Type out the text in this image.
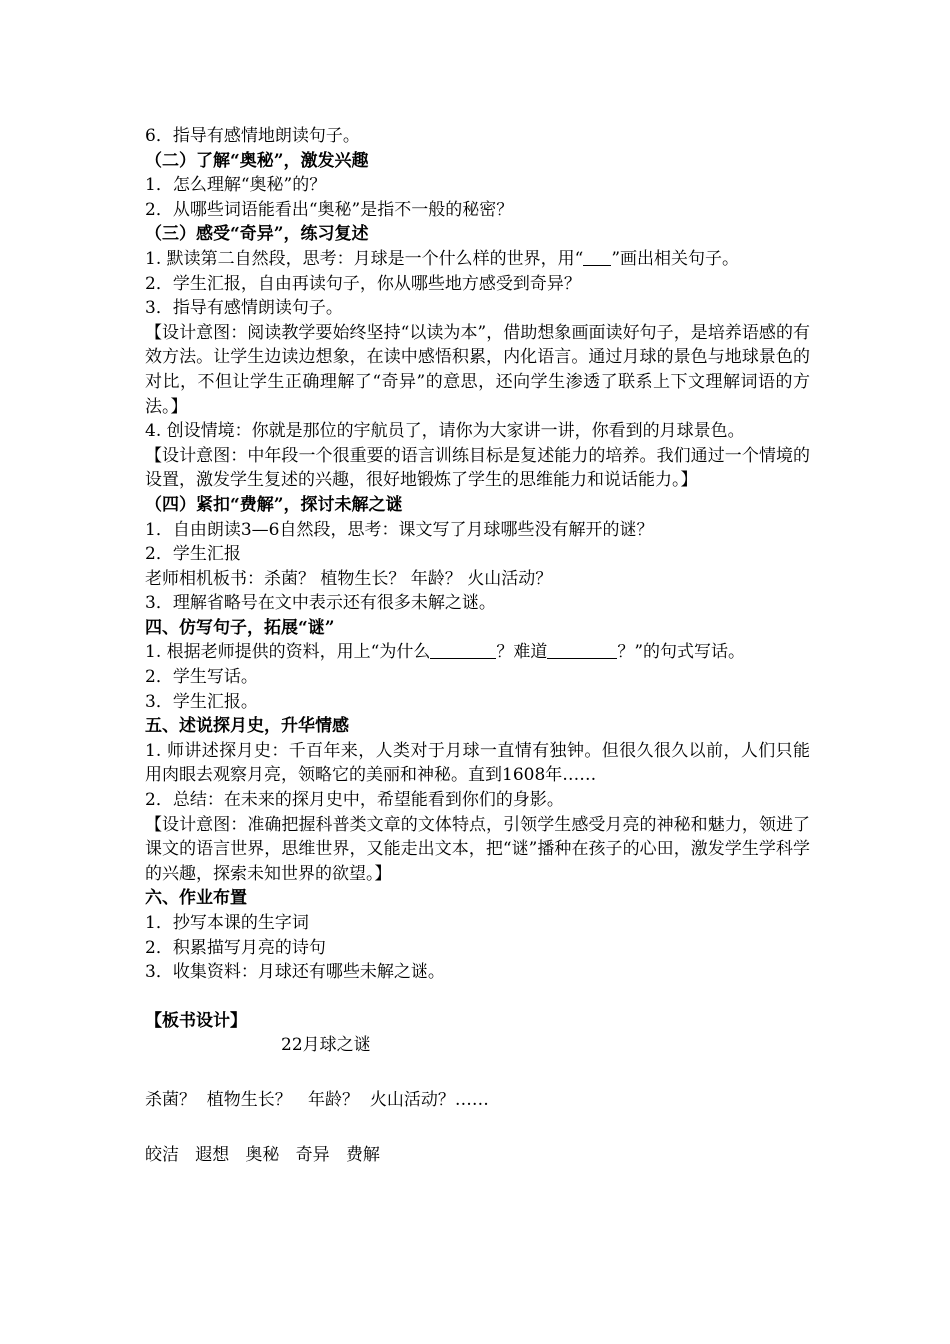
6．指导有感情地朗读句子。
（二）了解“奥秘”，激发兴趣
1．怎么理解“奥秘”的？
2．从哪些词语能看出“奥秘”是指不一般的秘密？
（三）感受“奇异”，练习复述
1. 默读第二自然段，思考：月球是一个什么样的世界，用“ ”画出相关句子。
2．学生汇报，自由再读句子，你从哪些地方感受到奇异？
3．指导有感情朗读句子。
【设计意图：阅读教学要始终坚持“以读为本”，借助想象画面读好句子，是培养语感的有效方法。让学生边读边想象，在读中感悟积累，内化语言。通过月球的景色与地球景色的对比，不但让学生正确理解了“奇异”的意思，还向学生渗透了联系上下文理解词语的方法。】
4. 创设情境：你就是那位的宇航员了，请你为大家讲一讲，你看到的月球景色。
【设计意图：中年段一个很重要的语言训练目标是复述能力的培养。我们通过一个情境的设置，激发学生复述的兴趣，很好地锻炼了学生的思维能力和说话能力。】
（四）紧扣“费解”，探讨未解之谜
1．自由朗读3—6自然段，思考：课文写了月球哪些没有解开的谜？
2．学生汇报
老师相机板书：杀菌？ 植物生长？ 年龄？ 火山活动？
3．理解省略号在文中表示还有很多未解之谜。
四、仿写句子，拓展“谜”
1. 根据老师提供的资料，用上“为什么	？难道	？”的句式写话。
2．学生写话。
3．学生汇报。
五、述说探月史，升华情感
1. 师讲述探月史：千百年来，人类对于月球一直情有独钟。但很久很久以前，人们只能用肉眼去观察月亮，领略它的美丽和神秘。直到1608年……
2．总结：在未来的探月史中，希望能看到你们的身影。
【设计意图：准确把握科普类文章的文体特点，引领学生感受月亮的神秘和魅力，领进了课文的语言世界，思维世界，又能走出文本，把“谜”播种在孩子的心田，激发学生学科学的兴趣，探索未知世界的欲望。】
六、作业布置
1．抄写本课的生字词
2．积累描写月亮的诗句
3．收集资料：月球还有哪些未解之谜。
【板书设计】
22月球之谜
杀菌？  植物生长？   年龄？  火山活动？……
皎洁   遐想   奥秘   奇异   费解
